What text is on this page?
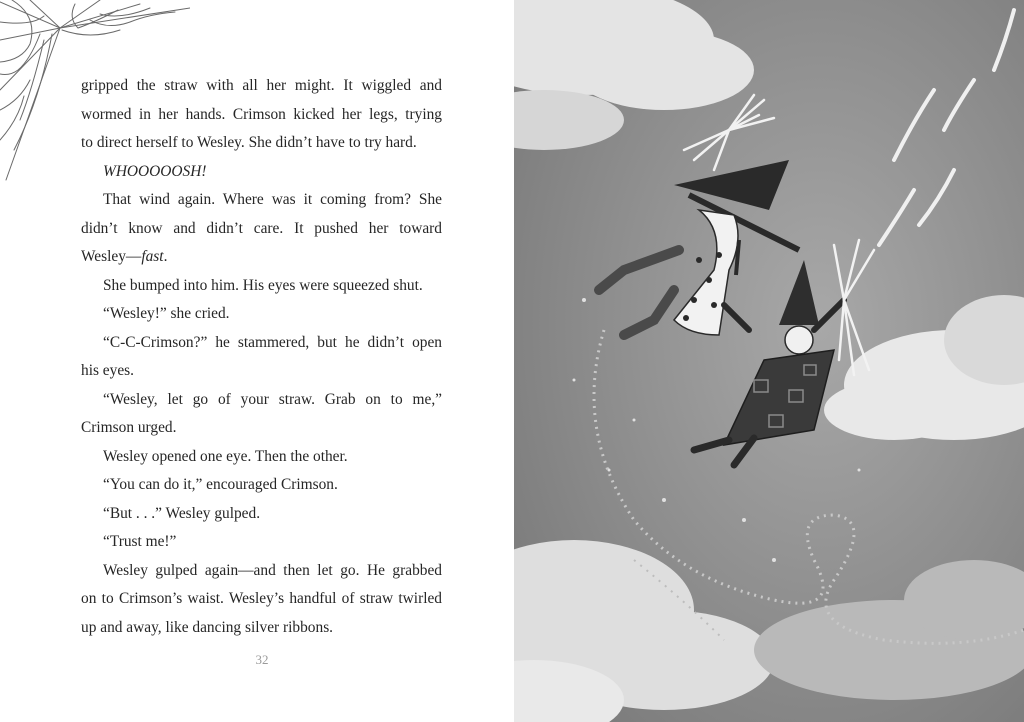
gripped the straw with all her might. It wiggled and
wormed in her hands. Crimson kicked her legs, trying
to direct herself to Wesley. She didn’t have to try hard.

WHOOOOOSH!

That wind again. Where was it coming from? She
didn’t know and didn’t care. It pushed her toward
Wesley—fast.

She bumped into him. His eyes were squeezed shut.

“Wesley!” she cried.

“C-C-Crimson?” he stammered, but he didn’t open
his eyes.

“Wesley, let go of your straw. Grab on to me,”
Crimson urged.

Wesley opened one eye. Then the other.

“You can do it,” encouraged Crimson.

“But . . .” Wesley gulped.

“Trust me!”

Wesley gulped again—and then let go. He grabbed
on to Crimson’s waist. Wesley’s handful of straw twirled
up and away, like dancing silver ribbons.

32
